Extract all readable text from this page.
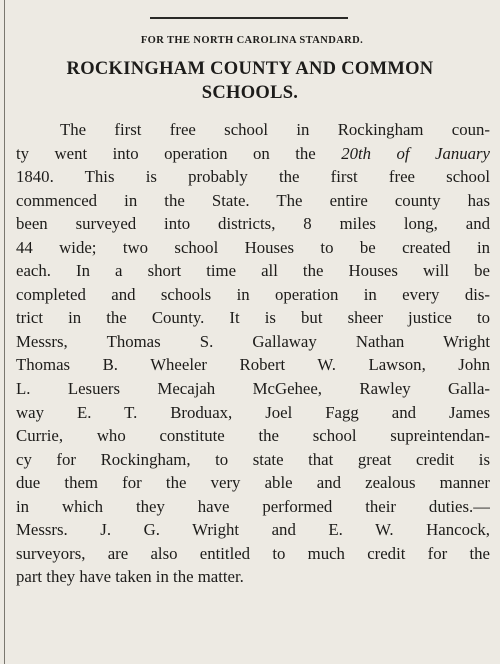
FOR THE NORTH CAROLINA STANDARD.
ROCKINGHAM COUNTY AND COMMON
SCHOOLS.
The first free school in Rockingham coun-
ty went into operation on the 20th of January
1840. This is probably the first free school
commenced in the State. The entire county has
been surveyed into districts, 8 miles long, and
44 wide; two school Houses to be created in
each. In a short time all the Houses will be
completed and schools in operation in every dis-
trict in the County. It is but sheer justice to
Messrs, Thomas S. Gallaway Nathan Wright
Thomas B. Wheeler Robert W. Lawson, John
L. Lesuers Mecajah McGehee, Rawley Galla-
way E. T. Broduax, Joel Fagg and James
Currie, who constitute the school supreintendan-
cy for Rockingham, to state that great credit is
due them for the very able and zealous manner
in which they have performed their duties.—
Messrs. J. G. Wright and E. W. Hancock,
surveyors, are also entitled to much credit for the
part they have taken in the matter.
